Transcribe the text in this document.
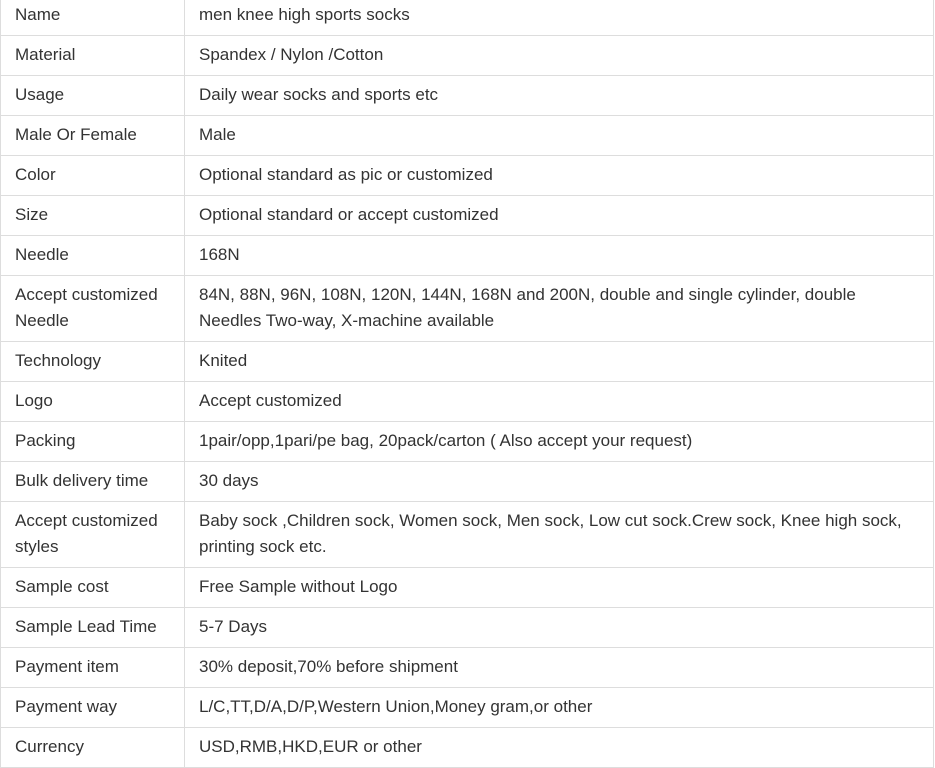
Name	men knee high sports socks
Material	Spandex / Nylon /Cotton
Usage	Daily wear socks and sports etc
Male Or Female	Male
Color	Optional standard as pic or customized
Size	Optional standard or accept customized
Needle	168N
Accept customized Needle	84N, 88N, 96N, 108N, 120N, 144N, 168N and 200N, double and single cylinder, double Needles Two-way, X-machine available
Technology	Knited
Logo	Accept customized
Packing	1pair/opp,1pari/pe bag, 20pack/carton ( Also accept your request)
Bulk delivery time	30 days
Accept customized styles	Baby sock ,Children sock, Women sock, Men sock, Low cut sock.Crew sock, Knee high sock, printing sock etc.
Sample cost	Free Sample without Logo
Sample Lead Time	5-7 Days
Payment item	30% deposit,70% before shipment
Payment way	L/C,TT,D/A,D/P,Western Union,Money gram,or other
Currency	USD,RMB,HKD,EUR or other
